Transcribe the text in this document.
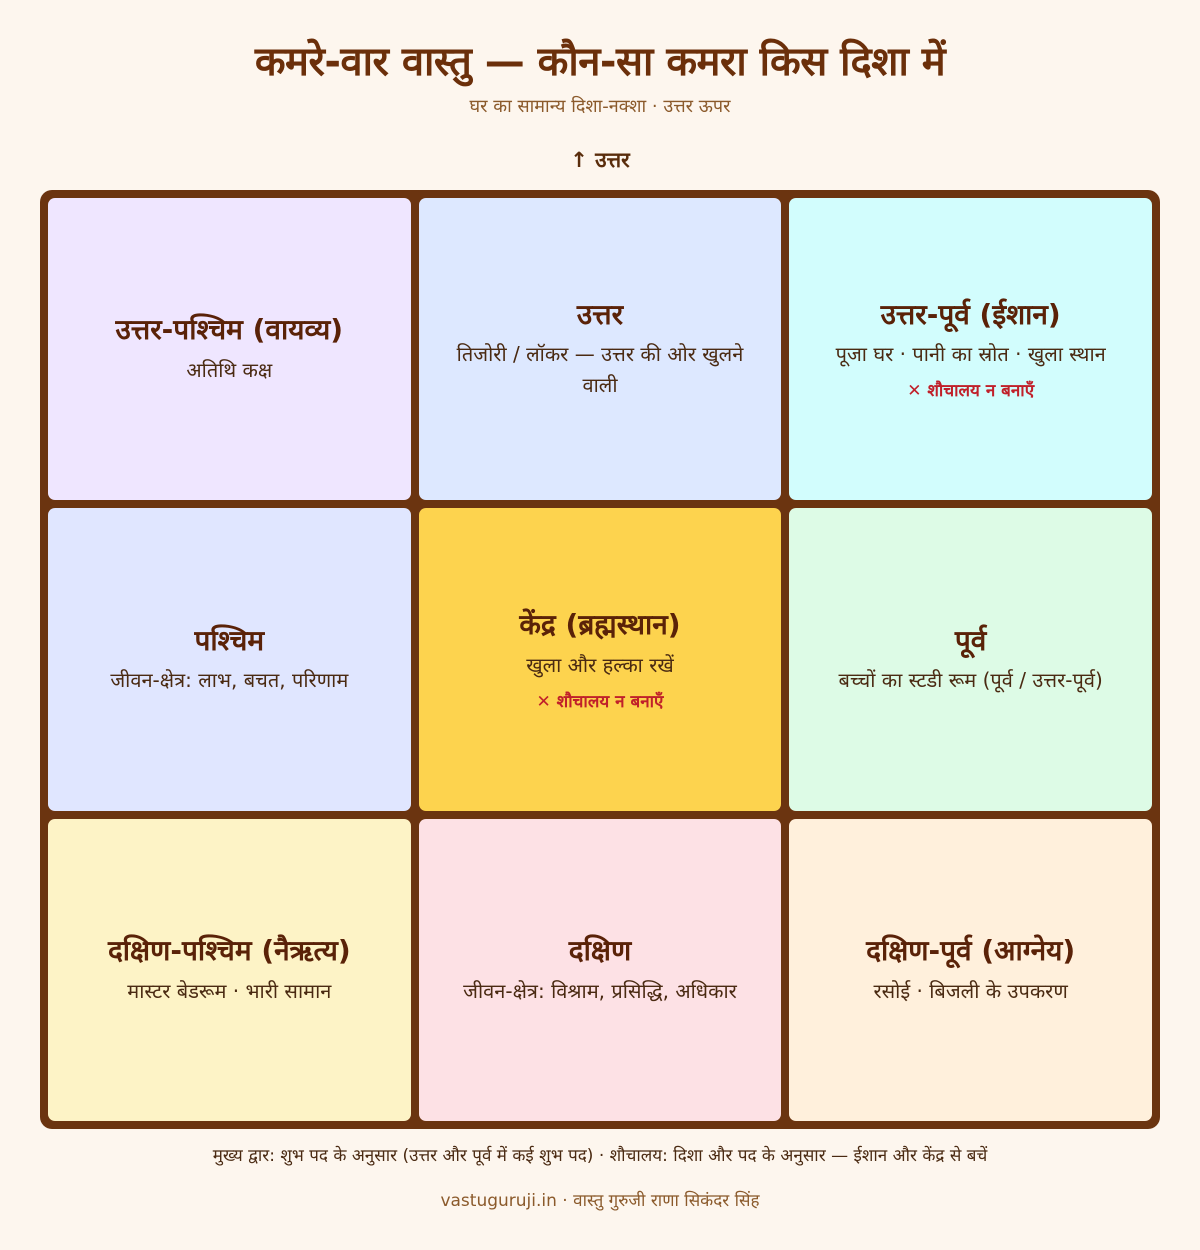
कमरे-वार वास्तु — कौन-सा कमरा किस दिशा में
घर का सामान्य दिशा-नक्शा · उत्तर ऊपर
↑ उत्तर
उत्तर-पश्चिम (वायव्य)
अतिथि कक्ष
उत्तर
तिजोरी / लॉकर — उत्तर की ओर खुलने वाली
उत्तर-पूर्व (ईशान)
पूजा घर · पानी का स्रोत · खुला स्थान
✕ शौचालय न बनाएँ
पश्चिम
जीवन-क्षेत्र: लाभ, बचत, परिणाम
केंद्र (ब्रह्मस्थान)
खुला और हल्का रखें
✕ शौचालय न बनाएँ
पूर्व
बच्चों का स्टडी रूम (पूर्व / उत्तर-पूर्व)
दक्षिण-पश्चिम (नैऋत्य)
मास्टर बेडरूम · भारी सामान
दक्षिण
जीवन-क्षेत्र: विश्राम, प्रसिद्धि, अधिकार
दक्षिण-पूर्व (आग्नेय)
रसोई · बिजली के उपकरण
मुख्य द्वार: शुभ पद के अनुसार (उत्तर और पूर्व में कई शुभ पद) · शौचालय: दिशा और पद के अनुसार — ईशान और केंद्र से बचें
vastuguruji.in · वास्तु गुरुजी राणा सिकंदर सिंह
